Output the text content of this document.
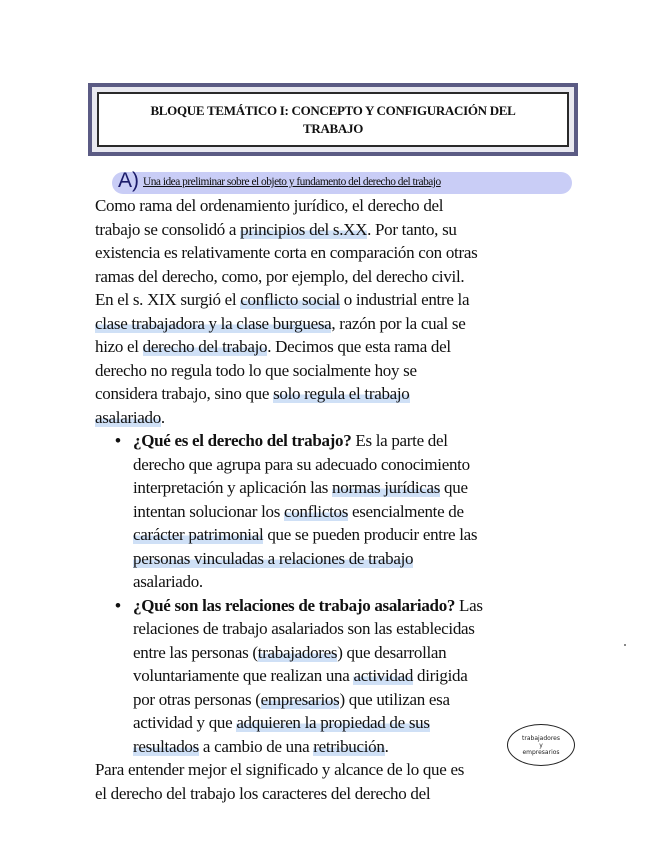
BLOQUE TEMÁTICO I: CONCEPTO Y CONFIGURACIÓN DEL
TRABAJO
A) Una idea preliminar sobre el objeto y fundamento del derecho del trabajo
Como rama del ordenamiento jurídico, el derecho del
trabajo se consolidó a principios del s.XX. Por tanto, su
existencia es relativamente corta en comparación con otras
ramas del derecho, como, por ejemplo, del derecho civil.
En el s. XIX surgió el conflicto social o industrial entre la
clase trabajadora y la clase burguesa, razón por la cual se
hizo el derecho del trabajo. Decimos que esta rama del
derecho no regula todo lo que socialmente hoy se
considera trabajo, sino que solo regula el trabajo
asalariado.
• ¿Qué es el derecho del trabajo? Es la parte del
derecho que agrupa para su adecuado conocimiento
interpretación y aplicación las normas jurídicas que
intentan solucionar los conflictos esencialmente de
carácter patrimonial que se pueden producir entre las
personas vinculadas a relaciones de trabajo
asalariado.
• ¿Qué son las relaciones de trabajo asalariado? Las
relaciones de trabajo asalariados son las establecidas
entre las personas (trabajadores) que desarrollan
voluntariamente que realizan una actividad dirigida
por otras personas (empresarios) que utilizan esa
actividad y que adquieren la propiedad de sus
resultados a cambio de una retribución.
Para entender mejor el significado y alcance de lo que es
el derecho del trabajo los caracteres del derecho del
trabajadores
y
empresarios
